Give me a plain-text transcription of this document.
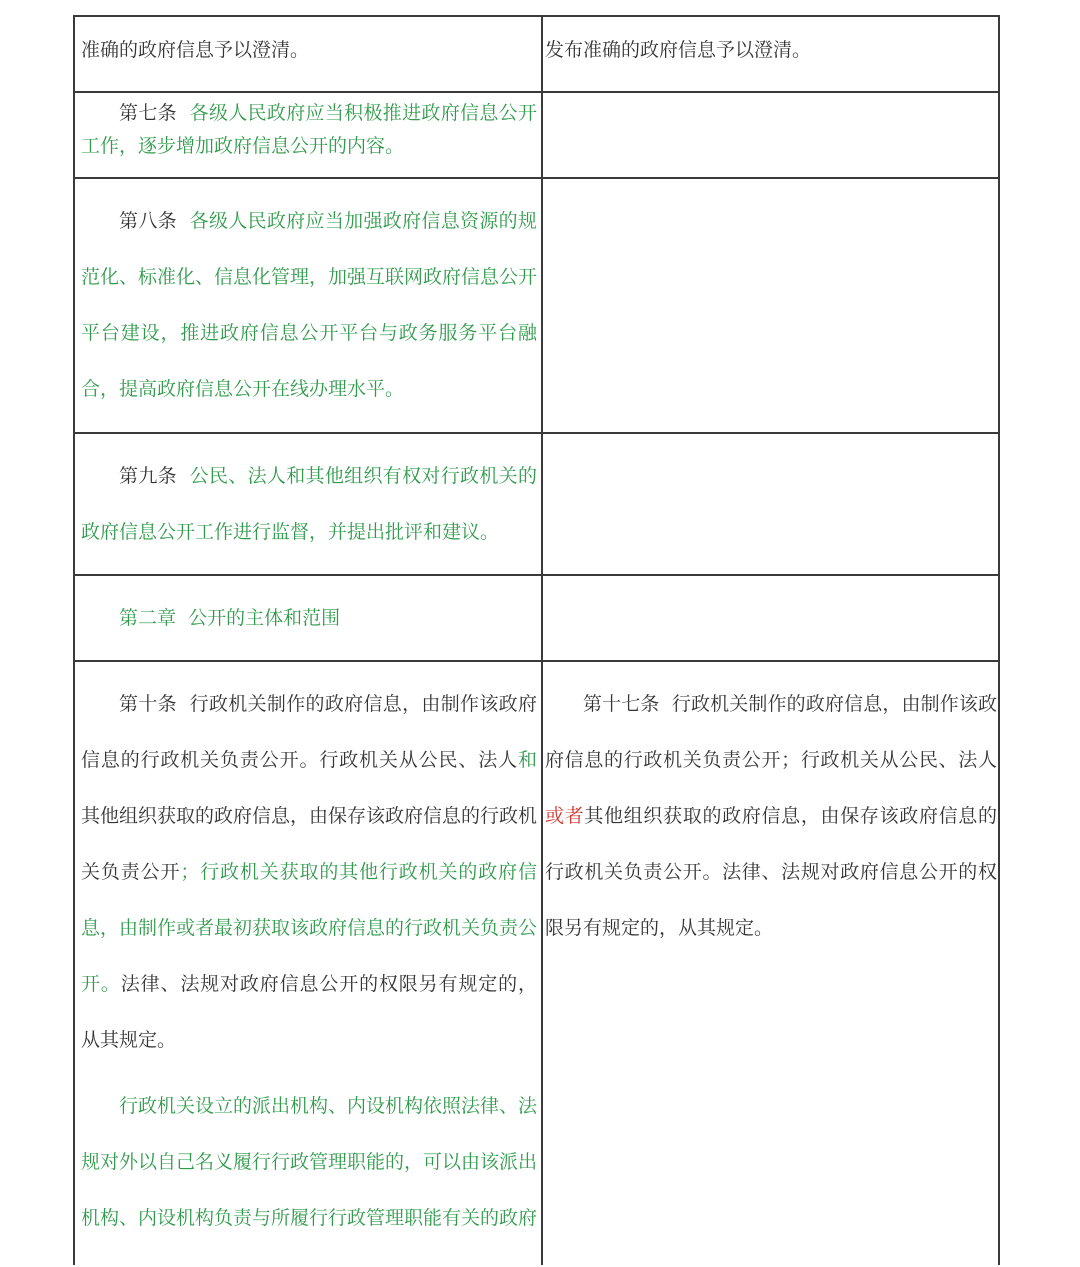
准确的政府信息予以澄清。	发布准确的政府信息予以澄清。

第七条 各级人民政府应当积极推进政府信息公开工作，逐步增加政府信息公开的内容。

第八条 各级人民政府应当加强政府信息资源的规范化、标准化、信息化管理，加强互联网政府信息公开平台建设，推进政府信息公开平台与政务服务平台融合，提高政府信息公开在线办理水平。

第九条 公民、法人和其他组织有权对行政机关的政府信息公开工作进行监督，并提出批评和建议。

第二章  公开的主体和范围

第十条  行政机关制作的政府信息，由制作该政府信息的行政机关负责公开。行政机关从公民、法人和其他组织获取的政府信息，由保存该政府信息的行政机关负责公开；行政机关获取的其他行政机关的政府信息，由制作或者最初获取该政府信息的行政机关负责公开。法律、法规对政府信息公开的权限另有规定的，从其规定。

行政机关设立的派出机构、内设机构依照法律、法规对外以自己名义履行行政管理职能的，可以由该派出机构、内设机构负责与所履行行政管理职能有关的政府

第十七条  行政机关制作的政府信息，由制作该政府信息的行政机关负责公开；行政机关从公民、法人或者其他组织获取的政府信息，由保存该政府信息的行政机关负责公开。法律、法规对政府信息公开的权限另有规定的，从其规定。
